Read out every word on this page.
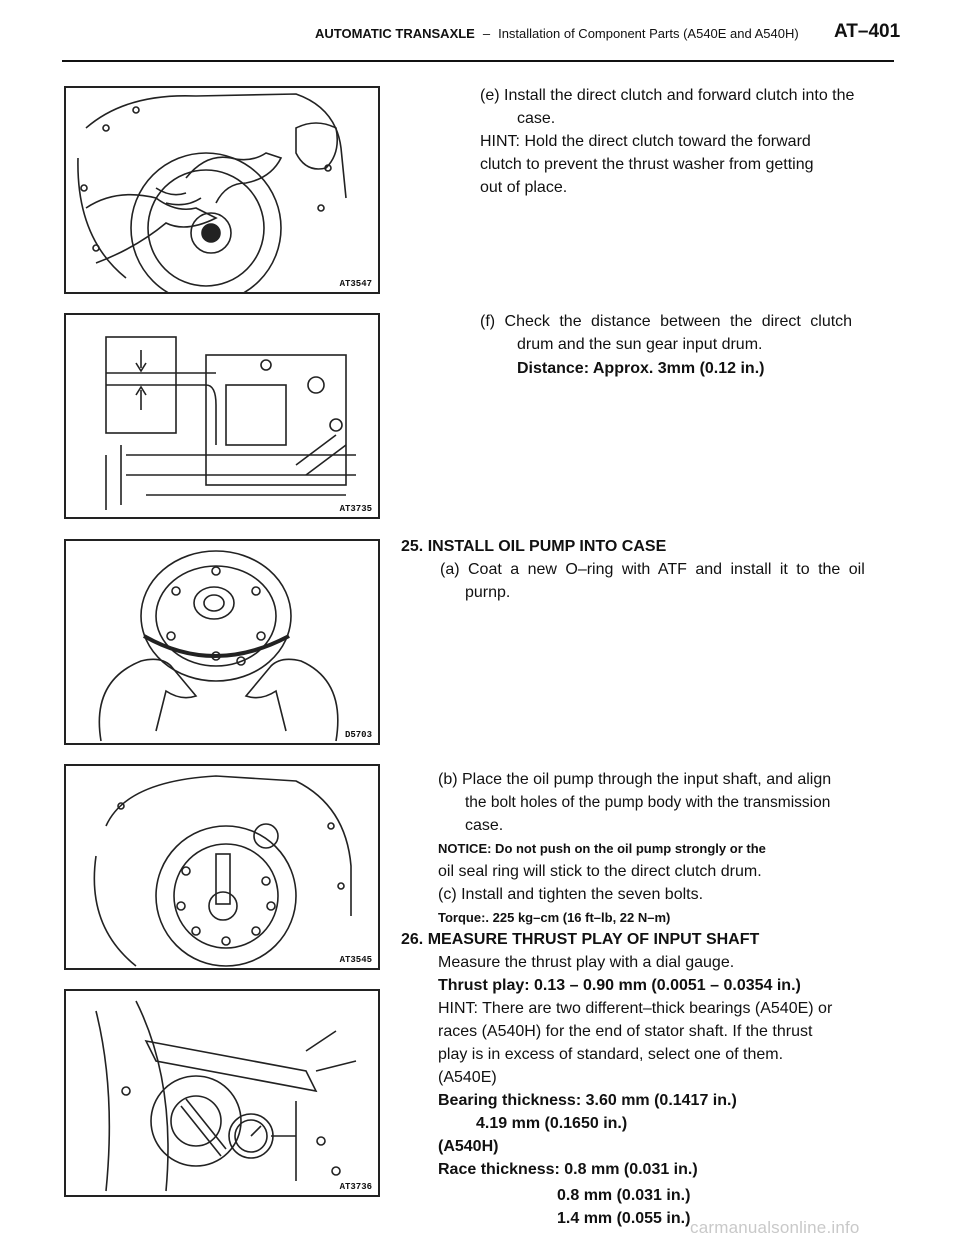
AUTOMATIC TRANSAXLE – Installation of Component Parts (A540E and A540H) AT–401
AT3547
AT3735
D5703
AT3545
AT3736
(e) Install the direct clutch and forward clutch into the
case.
HINT: Hold the direct clutch toward the forward
clutch to prevent the thrust washer from getting
out of place.
(f) Check the distance between the direct clutch
drum and the sun gear input drum.
Distance: Approx. 3mm (0.12 in.)
25. INSTALL OIL PUMP INTO CASE
(a) Coat a new O–ring with ATF and install it to the oil
purnp.
(b) Place the oil pump through the input shaft, and align
the bolt holes of the pump body with the transmission
case.
NOTICE: Do not push on the oil pump strongly or the
oil seal ring will stick to the direct clutch drum.
(c) Install and tighten the seven bolts.
Torque:. 225 kg–cm (16 ft–lb, 22 N–m)
26. MEASURE THRUST PLAY OF INPUT SHAFT
Measure the thrust play with a dial gauge.
Thrust play: 0.13 – 0.90 mm (0.0051 – 0.0354 in.)
HINT: There are two different–thick bearings (A540E) or
races (A540H) for the end of stator shaft. If the thrust
play is in excess of standard, select one of them.
(A540E)
Bearing thickness: 3.60 mm (0.1417 in.)
4.19 mm (0.1650 in.)
(A540H)
Race thickness: 0.8 mm (0.031 in.)
0.8 mm (0.031 in.)
1.4 mm (0.055 in.) carmanualsonline.info
